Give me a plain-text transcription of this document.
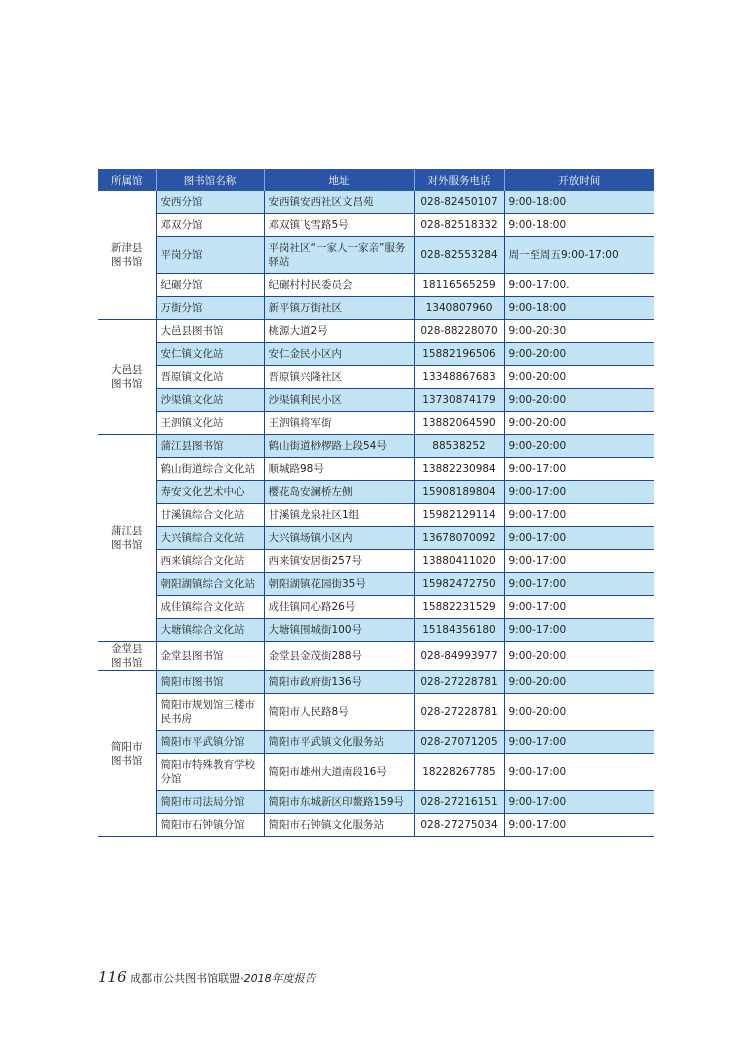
所属馆	图书馆名称	地址	对外服务电话	开放时间

新津县
图书馆	安西分馆	安西镇安西社区文昌苑	028-82450107	9:00-18:00
	邓双分馆	邓双镇飞雪路5号	028-82518332	9:00-18:00
	平岗分馆	平岗社区“一家人一家亲”服务驿站	028-82553284	周一至周五9:00-17:00
	纪碾分馆	纪碾村村民委员会	18116565259	9:00-17:00.
	万街分馆	新平镇万街社区	1340807960	9:00-18:00

大邑县
图书馆	大邑县图书馆	桃源大道2号	028-88228070	9:00-20:30
	安仁镇文化站	安仁金民小区内	15882196506	9:00-20:00
	晋原镇文化站	晋原镇兴隆社区	13348867683	9:00-20:00
	沙渠镇文化站	沙渠镇利民小区	13730874179	9:00-20:00
	王泗镇文化站	王泗镇将军街	13882064590	9:00-20:00

蒲江县
图书馆	蒲江县图书馆	鹤山街道桫椤路上段54号	88538252	9:00-20:00
	鹤山街道综合文化站	顺城路98号	13882230984	9:00-17:00
	寿安文化艺术中心	樱花岛安澜桥左侧	15908189804	9:00-17:00
	甘溪镇综合文化站	甘溪镇龙泉社区1组	15982129114	9:00-17:00
	大兴镇综合文化站	大兴镇场镇小区内	13678070092	9:00-17:00
	西来镇综合文化站	西来镇安居街257号	13880411020	9:00-17:00
	朝阳湖镇综合文化站	朝阳湖镇花园街35号	15982472750	9:00-17:00
	成佳镇综合文化站	成佳镇同心路26号	15882231529	9:00-17:00
	大塘镇综合文化站	大塘镇围城街100号	15184356180	9:00-17:00

金堂县
图书馆	金堂县图书馆	金堂县金茂街288号	028-84993977	9:00-20:00

简阳市
图书馆	简阳市图书馆	简阳市政府街136号	028-27228781	9:00-20:00
	简阳市规划馆三楼市民书房	简阳市人民路8号	028-27228781	9:00-20:00
	简阳市平武镇分馆	简阳市平武镇文化服务站	028-27071205	9:00-17:00
	简阳市特殊教育学校分馆	简阳市雄州大道南段16号	18228267785	9:00-17:00
	简阳市司法局分馆	简阳市东城新区印鳌路159号	028-27216151	9:00-17:00
	简阳市石钟镇分馆	简阳市石钟镇文化服务站	028-27275034	9:00-17:00
116 成都市公共图书馆联盟·2018年度报告
